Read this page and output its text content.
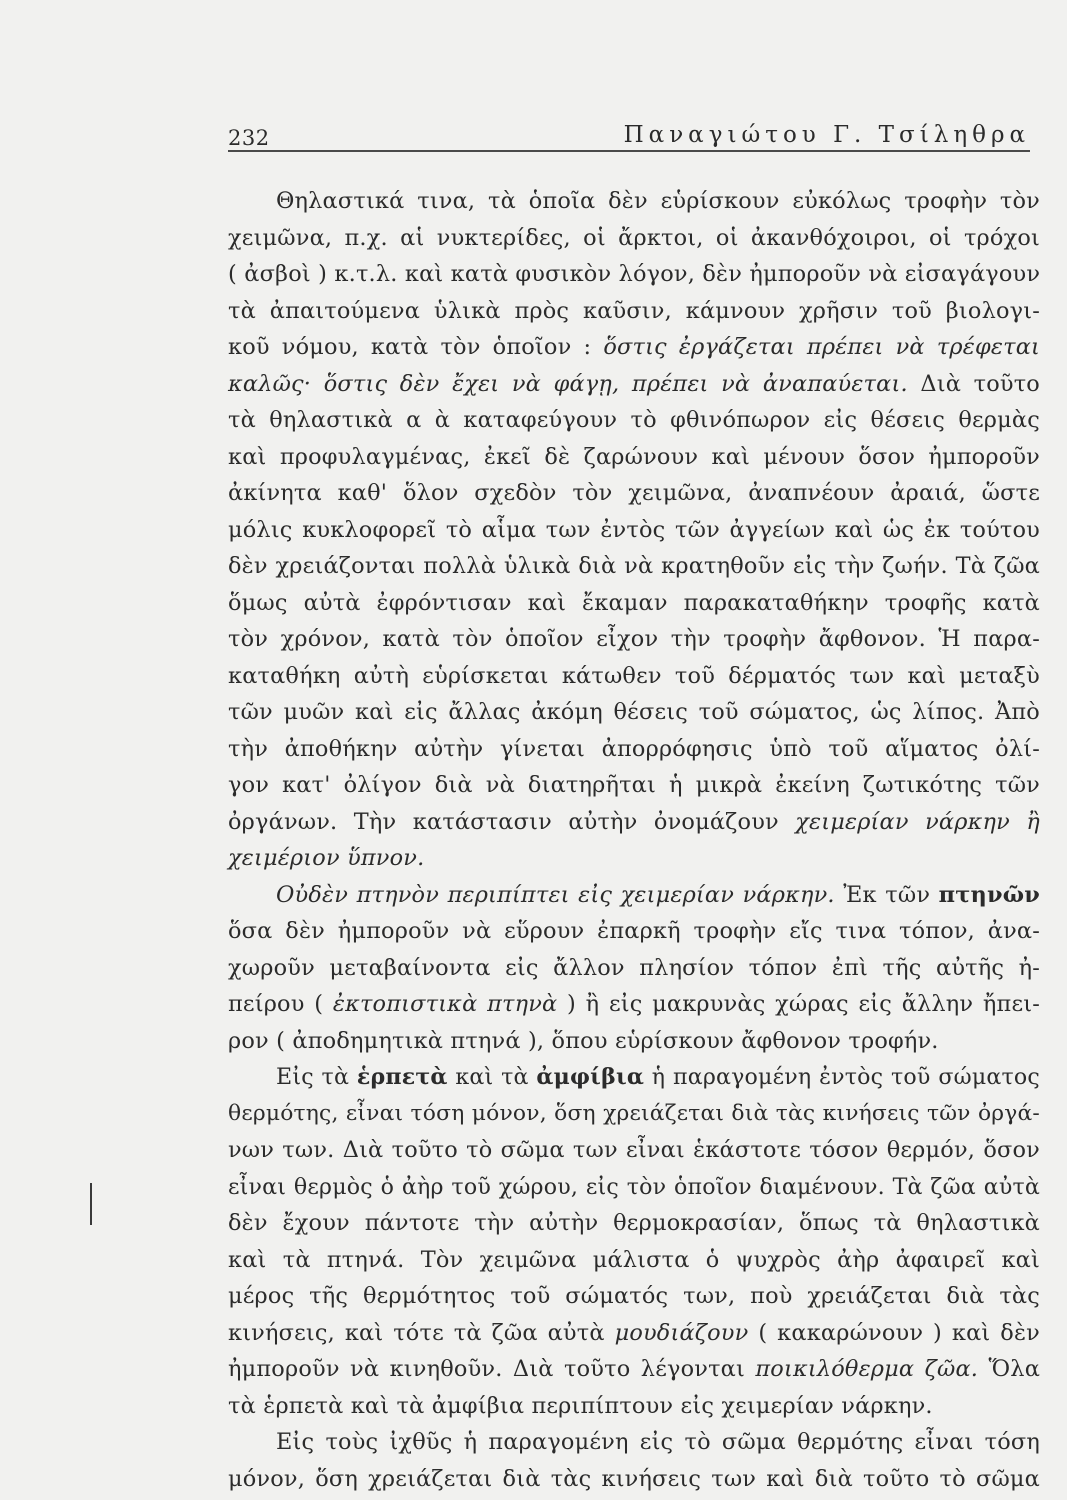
232	Παναγιώτου Γ. Τσίληθρα
Θηλαστικά τινα, τὰ ὁποῖα δὲν εὑρίσκουν εὐκόλως τροφὴν τὸν
χειμῶνα, π.χ. αἱ νυκτερίδες, οἱ ἄρκτοι, οἱ ἀκανθόχοιροι, οἱ τρόχοι
( ἀσβοὶ ) κ.τ.λ. καὶ κατὰ φυσικὸν λόγον, δὲν ἠμποροῦν νὰ εἰσαγάγουν
τὰ ἀπαιτούμενα ὑλικὰ πρὸς καῦσιν, κάμνουν χρῆσιν τοῦ βιολογι-
κοῦ νόμου, κατὰ τὸν ὁποῖον : ὅστις ἐργάζεται πρέπει νὰ τρέφεται
καλῶς· ὅστις δὲν ἔχει νὰ φάγῃ, πρέπει νὰ ἀναπαύεται. Διὰ τοῦτο
τὰ θηλαστικὰ α ὰ καταφεύγουν τὸ φθινόπωρον εἰς θέσεις θερμὰς
καὶ προφυλαγμένας, ἐκεῖ δὲ ζαρώνουν καὶ μένουν ὅσον ἠμποροῦν
ἀκίνητα καθ' ὅλον σχεδὸν τὸν χειμῶνα, ἀναπνέουν ἀραιά, ὥστε
μόλις κυκλοφορεῖ τὸ αἷμα των ἐντὸς τῶν ἀγγείων καὶ ὡς ἐκ τούτου
δὲν χρειάζονται πολλὰ ὑλικὰ διὰ νὰ κρατηθοῦν εἰς τὴν ζωήν. Τὰ ζῶα
ὅμως αὐτὰ ἐφρόντισαν καὶ ἔκαμαν παρακαταθήκην τροφῆς κατὰ
τὸν χρόνον, κατὰ τὸν ὁποῖον εἶχον τὴν τροφὴν ἄφθονον. Ἡ παρα-
καταθήκη αὐτὴ εὑρίσκεται κάτωθεν τοῦ δέρματός των καὶ μεταξὺ
τῶν μυῶν καὶ εἰς ἄλλας ἀκόμη θέσεις τοῦ σώματος, ὡς λίπος. Ἀπὸ
τὴν ἀποθήκην αὐτὴν γίνεται ἀπορρόφησις ὑπὸ τοῦ αἵματος ὀλί-
γον κατ' ὀλίγον διὰ νὰ διατηρῆται ἡ μικρὰ ἐκείνη ζωτικότης τῶν
ὀργάνων. Τὴν κατάστασιν αὐτὴν ὀνομάζουν χειμερίαν νάρκην ἢ
χειμέριον ὕπνον.
Οὐδὲν πτηνὸν περιπίπτει εἰς χειμερίαν νάρκην. Ἐκ τῶν πτηνῶν
ὅσα δὲν ἠμποροῦν νὰ εὕρουν ἐπαρκῆ τροφὴν εἴς τινα τόπον, ἀνα-
χωροῦν μεταβαίνοντα εἰς ἄλλον πλησίον τόπον ἐπὶ τῆς αὐτῆς ἠ-
πείρου ( ἐκτοπιστικὰ πτηνὰ ) ἢ εἰς μακρυνὰς χώρας εἰς ἄλλην ἤπει-
ρον ( ἀποδημητικὰ πτηνά ), ὅπου εὑρίσκουν ἄφθονον τροφήν.
Εἰς τὰ ἑρπετὰ καὶ τὰ ἀμφίβια ἡ παραγομένη ἐντὸς τοῦ σώματος
θερμότης, εἶναι τόση μόνον, ὅση χρειάζεται διὰ τὰς κινήσεις τῶν ὀργά-
νων των. Διὰ τοῦτο τὸ σῶμα των εἶναι ἑκάστοτε τόσον θερμόν, ὅσον
εἶναι θερμὸς ὁ ἀὴρ τοῦ χώρου, εἰς τὸν ὁποῖον διαμένουν. Τὰ ζῶα αὐτὰ
δὲν ἔχουν πάντοτε τὴν αὐτὴν θερμοκρασίαν, ὅπως τὰ θηλαστικὰ
καὶ τὰ πτηνά. Τὸν χειμῶνα μάλιστα ὁ ψυχρὸς ἀὴρ ἀφαιρεῖ καὶ
μέρος τῆς θερμότητος τοῦ σώματός των, ποὺ χρειάζεται διὰ τὰς
κινήσεις, καὶ τότε τὰ ζῶα αὐτὰ μουδιάζουν ( κακαρώνουν ) καὶ δὲν
ἠμποροῦν νὰ κινηθοῦν. Διὰ τοῦτο λέγονται ποικιλόθερμα ζῶα. Ὅλα
τὰ ἑρπετὰ καὶ τὰ ἀμφίβια περιπίπτουν εἰς χειμερίαν νάρκην.
Εἰς τοὺς ἰχθῦς ἡ παραγομένη εἰς τὸ σῶμα θερμότης εἶναι τόση
μόνον, ὅση χρειάζεται διὰ τὰς κινήσεις των καὶ διὰ τοῦτο τὸ σῶμα
